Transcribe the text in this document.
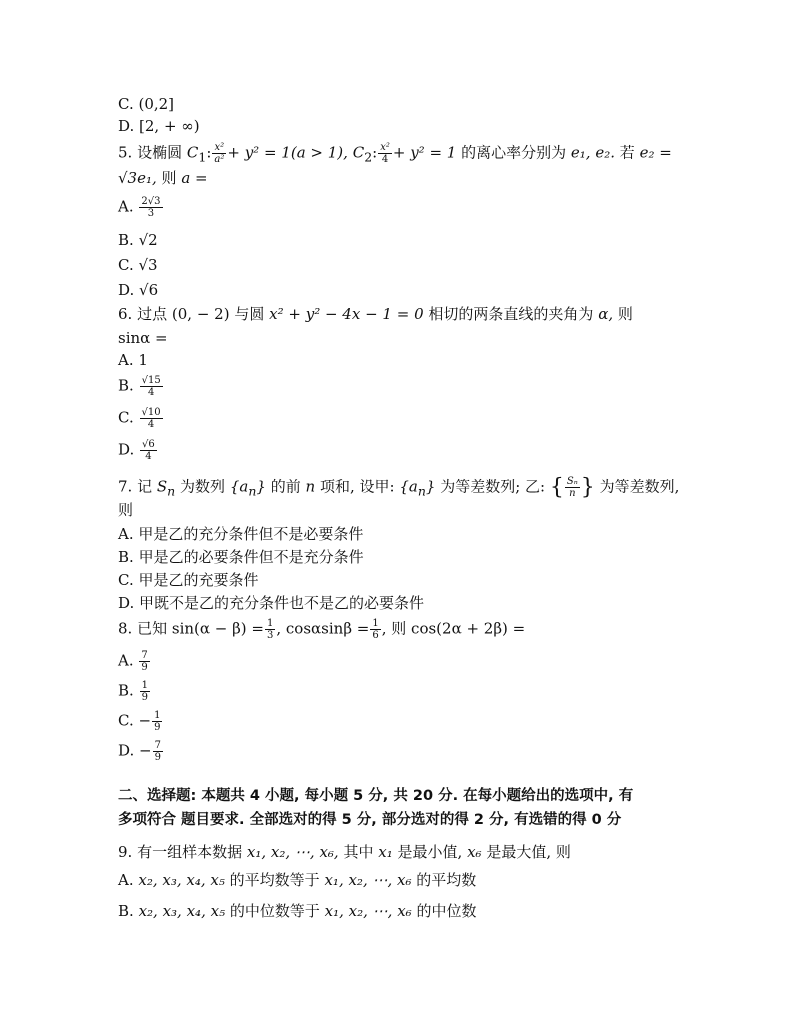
C. (0,2]
D. [2, + ∞)
5. 设椭圆 $C_1$: $\frac{\text{x²}}{\text{a²}} + y^2 = 1(a > 1)$, $C_2$: $\frac{\text{x²}}{4} + y^2 = 1$ 的离心率分别为 e₁, e₂. 若 e₂ =
√3e₁, 则 a =
A. $\frac{2√3}{3}$
B. √2
C. √3
D. √6
6. 过点 (0, − 2) 与圆 x² + y² − 4x − 1 = 0 相切的两条直线的夹角为 α, 则
sinα =
A. 1
B. $\frac{√15}{4}$
C. $\frac{√10}{4}$
D. $\frac{√6}{4}$
7. 记 $S_n$ 为数列 $\{a_n\}$ 的前 n 项和, 设甲: $\{a_n\}$ 为等差数列; 乙: { $\frac{\text{Sₙ}}{n}$ } 为等差数列,
则
A. 甲是乙的充分条件但不是必要条件
B. 甲是乙的必要条件但不是充分条件
C. 甲是乙的充要条件
D. 甲既不是乙的充分条件也不是乙的必要条件
8. 已知 $\sin(\alpha - \beta) = \frac{1}{3}$ , $\cos\alpha\sin\beta = \frac{1}{6}$ , 则 cos(2α + 2β) =
A. $\frac{7}{9}$
B. $\frac{1}{9}$
C. − $\frac{1}{9}$
D. − $\frac{7}{9}$
二、选择题: 本题共 4 小题, 每小题 5 分, 共 20 分. 在每小题给出的选项中, 有
多项符合 题目要求. 全部选对的得 5 分, 部分选对的得 2 分, 有选错的得 0 分
9. 有一组样本数据 x₁, x₂, ⋯, x₆, 其中 x₁ 是最小值, x₆ 是最大值, 则
A. x₂, x₃, x₄, x₅ 的平均数等于 x₁, x₂, ⋯, x₆ 的平均数
B. x₂, x₃, x₄, x₅ 的中位数等于 x₁, x₂, ⋯, x₆ 的中位数
